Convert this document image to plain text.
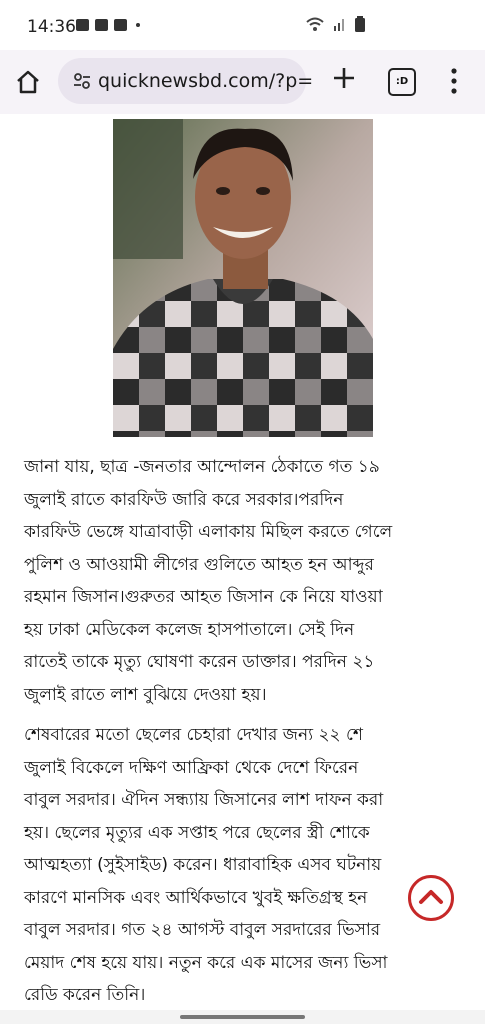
14:36
quicknewsbd.com/?p=	:D
জানা যায়, ছাত্র -জনতার আন্দোলন ঠেকাতে গত ১৯
জুলাই রাতে কারফিউ জারি করে সরকার।পরদিন
কারফিউ ভেঙ্গে যাত্রাবাড়ী এলাকায় মিছিল করতে গেলে
পুলিশ ও আওয়ামী লীগের গুলিতে আহত হন আব্দুর
রহমান জিসান।গুরুতর আহত জিসান কে নিয়ে যাওয়া
হয় ঢাকা মেডিকেল কলেজ হাসপাতালে। সেই দিন
রাতেই তাকে মৃত্যু ঘোষণা করেন ডাক্তার। পরদিন ২১
জুলাই রাতে লাশ বুঝিয়ে দেওয়া হয়।
শেষবারের মতো ছেলের চেহারা দেখার জন্য ২২ শে
জুলাই বিকেলে দক্ষিণ আফ্রিকা থেকে দেশে ফিরেন
বাবুল সরদার। ঐদিন সন্ধ্যায় জিসানের লাশ দাফন করা
হয়। ছেলের মৃত্যুর এক সপ্তাহ পরে ছেলের স্ত্রী শোকে
আত্মহত্যা (সুইসাইড) করেন। ধারাবাহিক এসব ঘটনায়
কারণে মানসিক এবং আর্থিকভাবে খুবই ক্ষতিগ্রস্থ হন
বাবুল সরদার। গত ২৪ আগস্ট বাবুল সরদারের ভিসার
মেয়াদ শেষ হয়ে যায়। নতুন করে এক মাসের জন্য ভিসা
রেডি করেন তিনি।
